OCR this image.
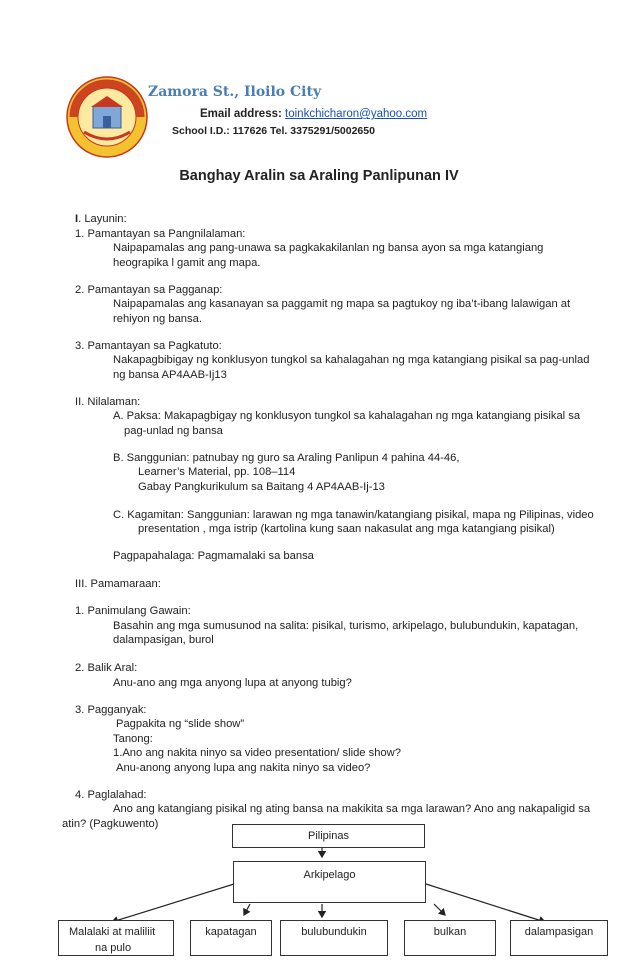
Zamora St., Iloilo City
Email address: toinkchicharon@yahoo.com
School I.D.: 117626 Tel. 3375291/5002650
Banghay Aralin sa Araling Panlipunan IV
I. Layunin:
1. Pamantayan sa Pangnilalaman:
Naipapamalas ang pang-unawa sa pagkakakilanlan ng bansa ayon sa mga katangiang
heograpika l gamit ang mapa.
2. Pamantayan sa Pagganap:
Naipapamalas ang kasanayan sa paggamit ng mapa sa pagtukoy ng iba’t-ibang lalawigan at
rehiyon ng bansa.
3. Pamantayan sa Pagkatuto:
Nakapagbibigay ng konklusyon tungkol sa kahalagahan ng mga katangiang pisikal sa pag-unlad
ng bansa AP4AAB-Ij13
II. Nilalaman:
A. Paksa: Makapagbigay ng konklusyon tungkol sa kahalagahan ng mga katangiang pisikal sa
pag-unlad ng bansa
B. Sanggunian: patnubay ng guro sa Araling Panlipun 4 pahina 44-46,
Learner’s Material, pp. 108–114
Gabay Pangkurikulum sa Baitang 4 AP4AAB-Ij-13
C. Kagamitan: Sanggunian: larawan ng mga tanawin/katangiang pisikal, mapa ng Pilipinas, video
presentation , mga istrip (kartolina kung saan nakasulat ang mga katangiang pisikal)
Pagpapahalaga: Pagmamalaki sa bansa
III. Pamamaraan:
1. Panimulang Gawain:
Basahin ang mga sumusunod na salita: pisikal, turismo, arkipelago, bulubundukin, kapatagan,
dalampasigan, burol
2. Balik Aral:
Anu-ano ang mga anyong lupa at anyong tubig?
3. Pagganyak:
Pagpakita ng “slide show”
Tanong:
1.Ano ang nakita ninyo sa video presentation/ slide show?
Anu-anong anyong lupa ang nakita ninyo sa video?
4. Paglalahad:
Ano ang katangiang pisikal ng ating bansa na makikita sa mga larawan? Ano ang nakapaligid sa
atin? (Pagkuwento)
Pilipinas
Arkipelago
Malalaki at maliliit
na pulo
kapatagan	bulubundukin	bulkan	dalampasigan
